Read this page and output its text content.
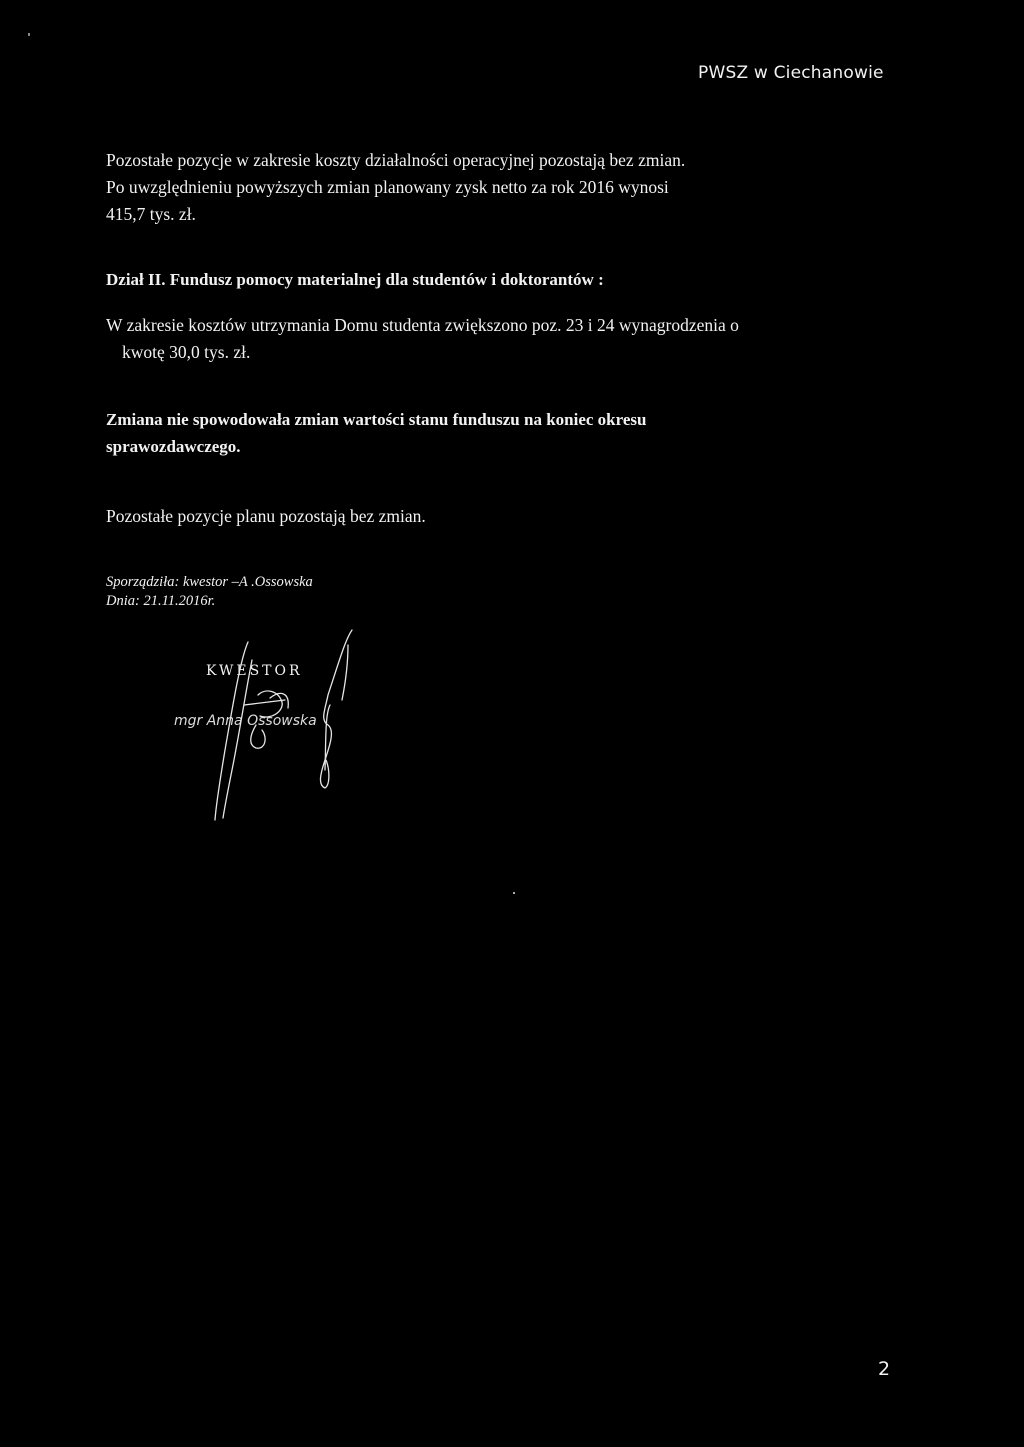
PWSZ w Ciechanowie
Pozostałe pozycje w zakresie koszty działalności operacyjnej pozostają bez zmian.
Po uwzględnieniu powyższych zmian planowany zysk netto za rok 2016 wynosi
415,7 tys. zł.
Dział II. Fundusz pomocy materialnej dla studentów i doktorantów :
W zakresie kosztów utrzymania Domu studenta zwiększono poz. 23 i 24 wynagrodzenia o
kwotę 30,0 tys. zł.
Zmiana nie spowodowała zmian wartości stanu funduszu na koniec okresu
sprawozdawczego.
Pozostałe pozycje planu pozostają bez zmian.
Sporządziła: kwestor –A .Ossowska
Dnia: 21.11.2016r.
KWESTOR
mgr Anna Ossowska
2
